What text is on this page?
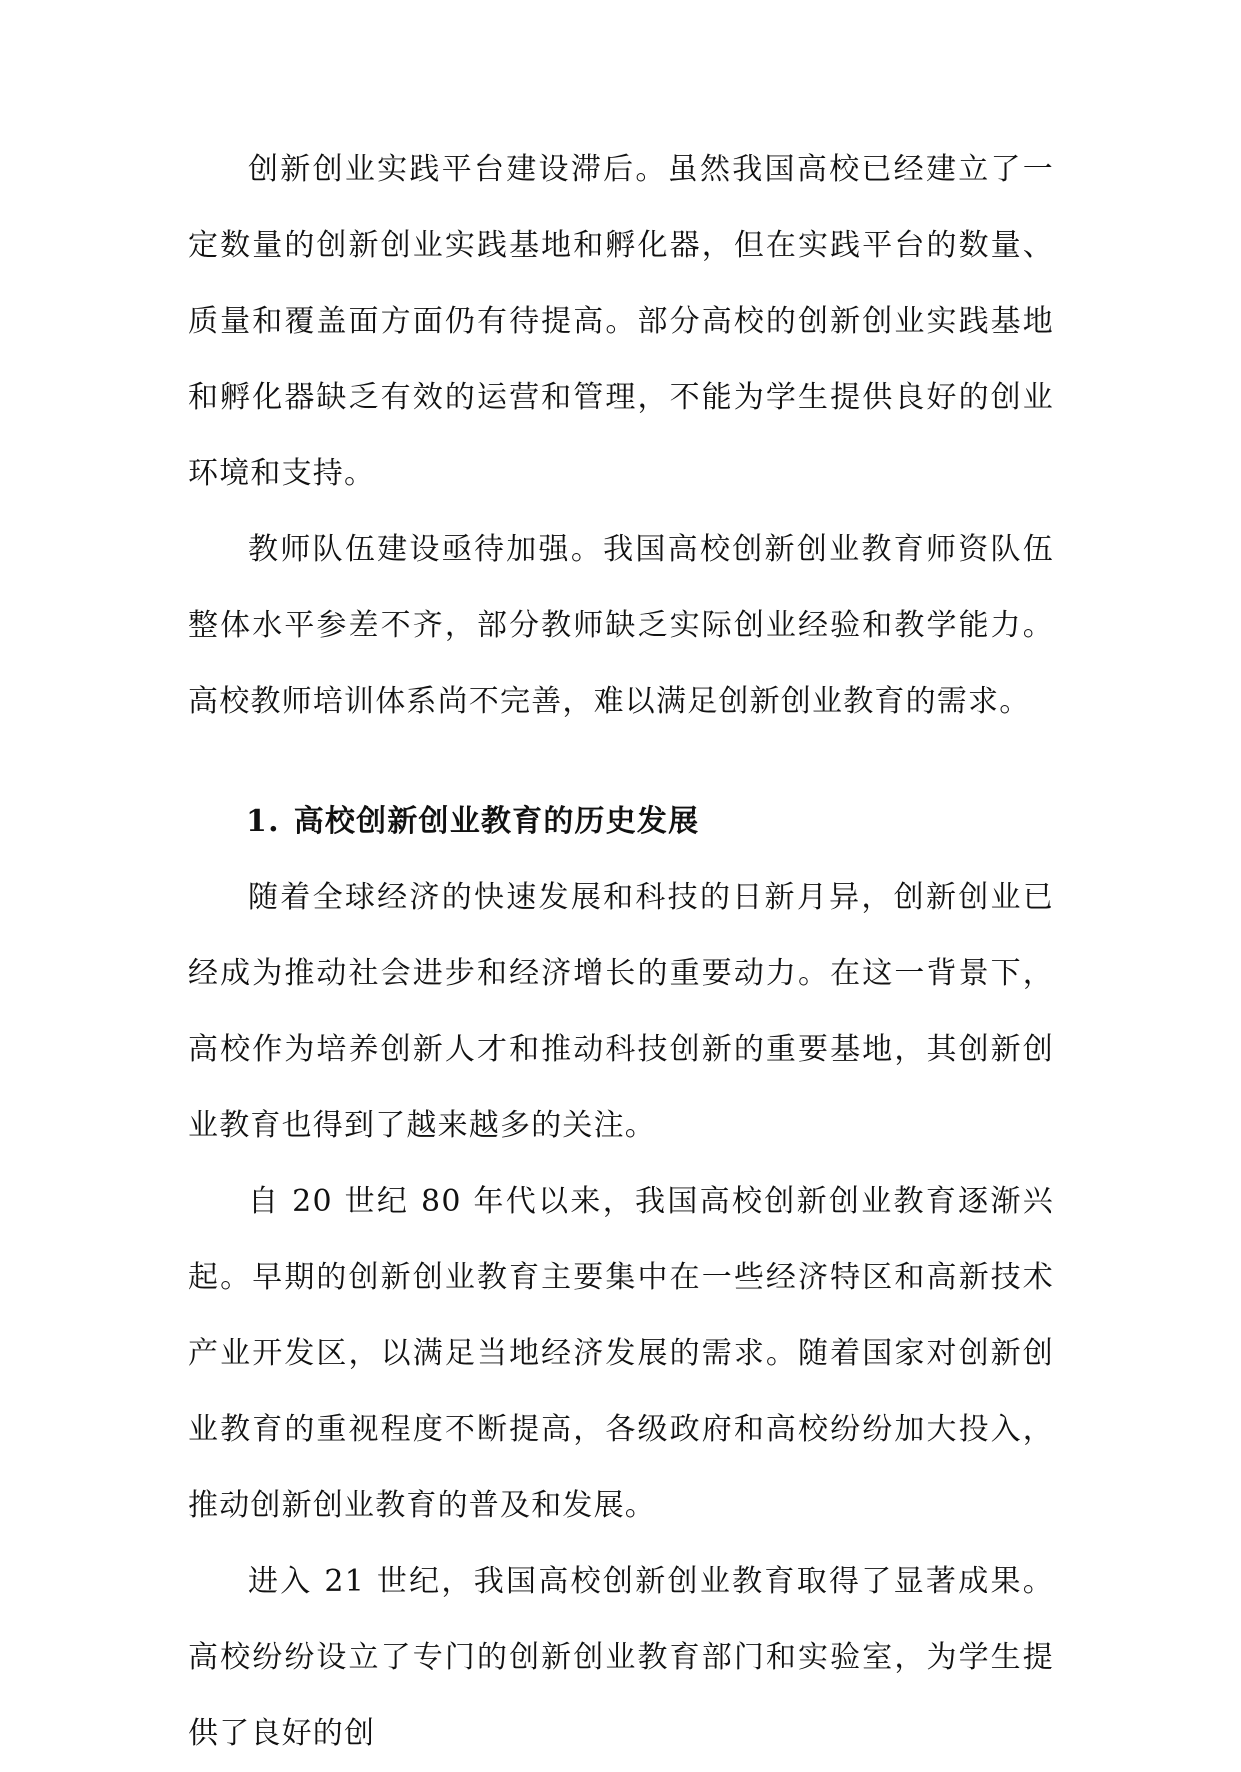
创新创业实践平台建设滞后。虽然我国高校已经建立了一定数量的创新创业实践基地和孵化器，但在实践平台的数量、质量和覆盖面方面仍有待提高。部分高校的创新创业实践基地和孵化器缺乏有效的运营和管理，不能为学生提供良好的创业环境和支持。

教师队伍建设亟待加强。我国高校创新创业教育师资队伍整体水平参差不齐，部分教师缺乏实际创业经验和教学能力。高校教师培训体系尚不完善，难以满足创新创业教育的需求。

1. 高校创新创业教育的历史发展

随着全球经济的快速发展和科技的日新月异，创新创业已经成为推动社会进步和经济增长的重要动力。在这一背景下，高校作为培养创新人才和推动科技创新的重要基地，其创新创业教育也得到了越来越多的关注。

自 20 世纪 80 年代以来，我国高校创新创业教育逐渐兴起。早期的创新创业教育主要集中在一些经济特区和高新技术产业开发区，以满足当地经济发展的需求。随着国家对创新创业教育的重视程度不断提高，各级政府和高校纷纷加大投入，推动创新创业教育的普及和发展。

进入 21 世纪，我国高校创新创业教育取得了显著成果。高校纷纷设立了专门的创新创业教育部门和实验室，为学生提供了良好的创
